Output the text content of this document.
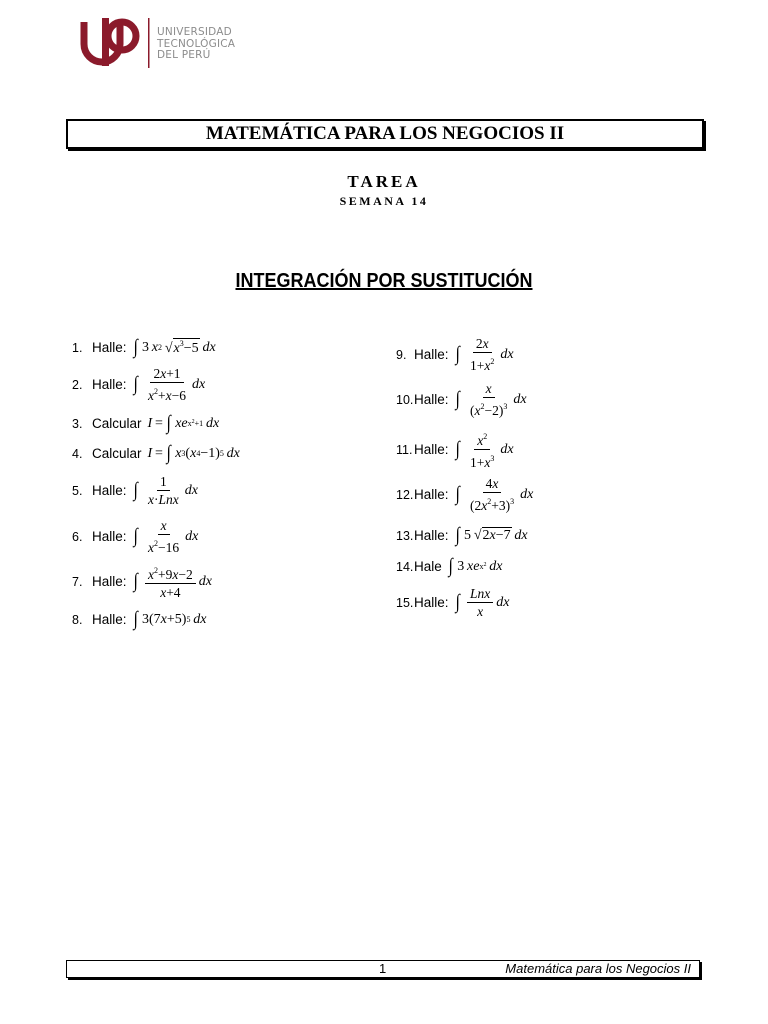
UNIVERSIDAD
TECNOLÓGICA
DEL PERÚ
MATEMÁTICA PARA LOS NEGOCIOS II
TAREA
SEMANA 14
INTEGRACIÓN POR SUSTITUCIÓN
1. Halle: ∫ 3  x 2
  √ $x^3-5$  dx
2. Halle: ∫ $\frac{2x+1}{x^2+x-6}$ dx
3. Calcular I  =  ∫ xe $x^2+1$  dx
4. Calcular I  =  ∫ x 3 ( x 4 −1) 5  dx
5. Halle: ∫ $\frac{1}{\text{x·Lnx}}$ dx
6. Halle: ∫ $\frac{x}{x^2-16}$ dx
7. Halle: ∫ $\frac{x^2+9x-2}{x+4}$ dx
8. Halle: ∫ 3(7 x +5) 5  dx
9. Halle: ∫ $\frac{2x}{1+x^2}$ dx
10. Halle: ∫ $\frac{x}{(x^2-2)^3}$ dx
11. Halle: ∫ $\frac{x^2}{1+x^3}$ dx
12. Halle: ∫ $\frac{4x}{(2x^2+3)^3}$ dx
13. Halle: ∫ 5
  √ 2x−7  dx
14. Hale ∫ 3  xe $x^2$  dx
15. Halle: ∫ $\frac{\text{Lnx}}{x}$ dx
1	Matemática para los Negocios II
